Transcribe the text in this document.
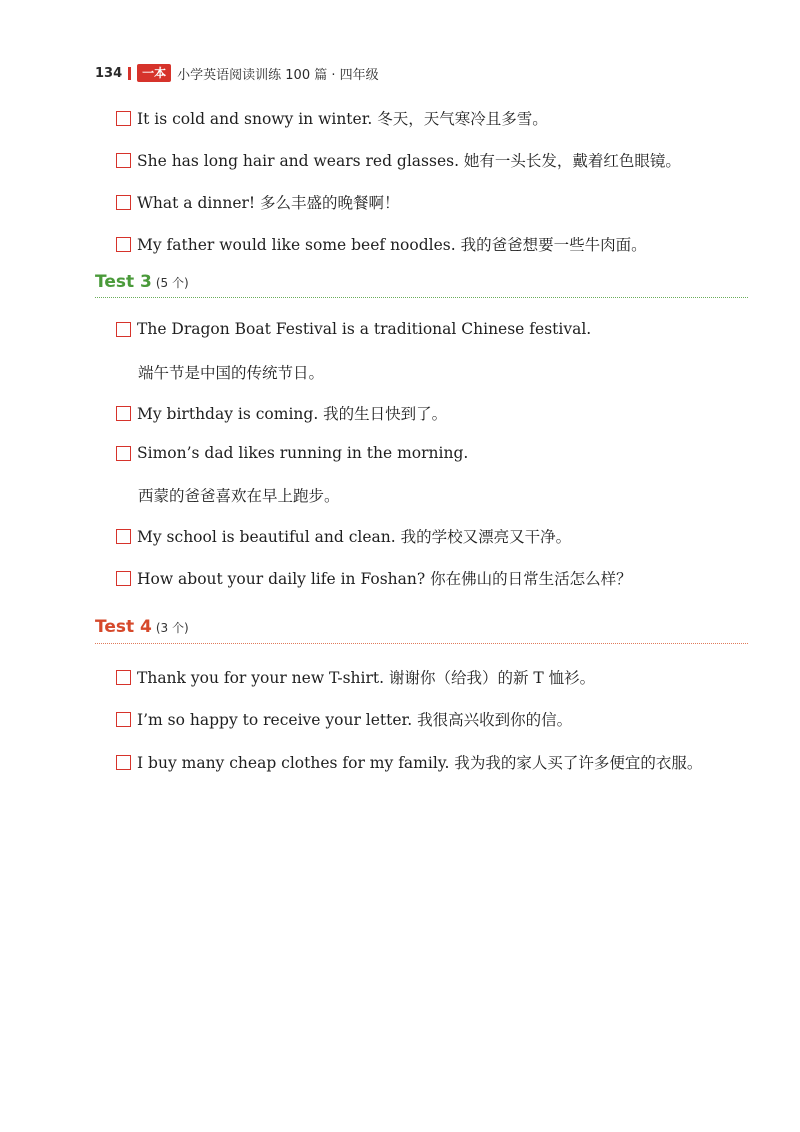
134	一本 小学英语阅读训练 100 篇 · 四年级
It is cold and snowy in winter. 冬天，天气寒冷且多雪。
She has long hair and wears red glasses. 她有一头长发，戴着红色眼镜。
What a dinner! 多么丰盛的晚餐啊！
My father would like some beef noodles. 我的爸爸想要一些牛肉面。
Test 3 (5 个)
The Dragon Boat Festival is a traditional Chinese festival.
端午节是中国的传统节日。
My birthday is coming. 我的生日快到了。
Simon’s dad likes running in the morning.
西蒙的爸爸喜欢在早上跑步。
My school is beautiful and clean. 我的学校又漂亮又干净。
How about your daily life in Foshan? 你在佛山的日常生活怎么样？
Test 4 (3 个)
Thank you for your new T-shirt. 谢谢你（给我）的新 T 恤衫。
I’m so happy to receive your letter. 我很高兴收到你的信。
I buy many cheap clothes for my family. 我为我的家人买了许多便宜的衣服。
